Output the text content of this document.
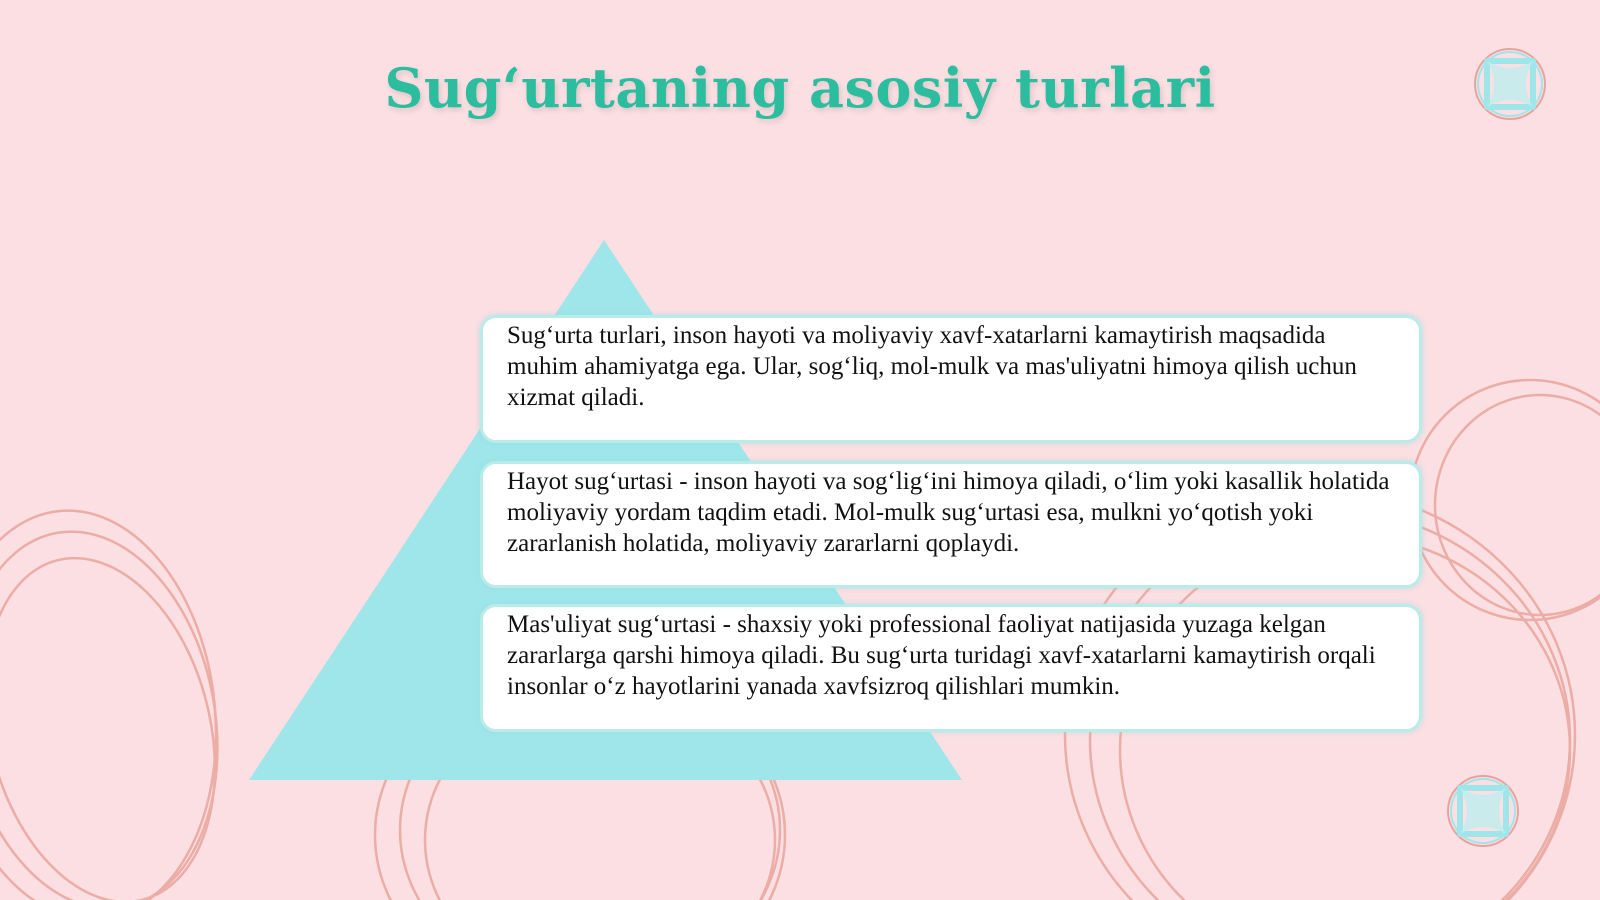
Sug‘urtaning asosiy turlari
Sug‘urta turlari, inson hayoti va moliyaviy xavf-xatarlarni kamaytirish maqsadida muhim ahamiyatga ega. Ular, sog‘liq, mol-mulk va mas'uliyatni himoya qilish uchun xizmat qiladi.
Hayot sug‘urtasi - inson hayoti va sog‘lig‘ini himoya qiladi, o‘lim yoki kasallik holatida moliyaviy yordam taqdim etadi. Mol-mulk sug‘urtasi esa, mulkni yo‘qotish yoki zararlanish holatida, moliyaviy zararlarni qoplaydi.
Mas'uliyat sug‘urtasi - shaxsiy yoki professional faoliyat natijasida yuzaga kelgan zararlarga qarshi himoya qiladi. Bu sug‘urta turidagi xavf-xatarlarni kamaytirish orqali insonlar o‘z hayotlarini yanada xavfsizroq qilishlari mumkin.
